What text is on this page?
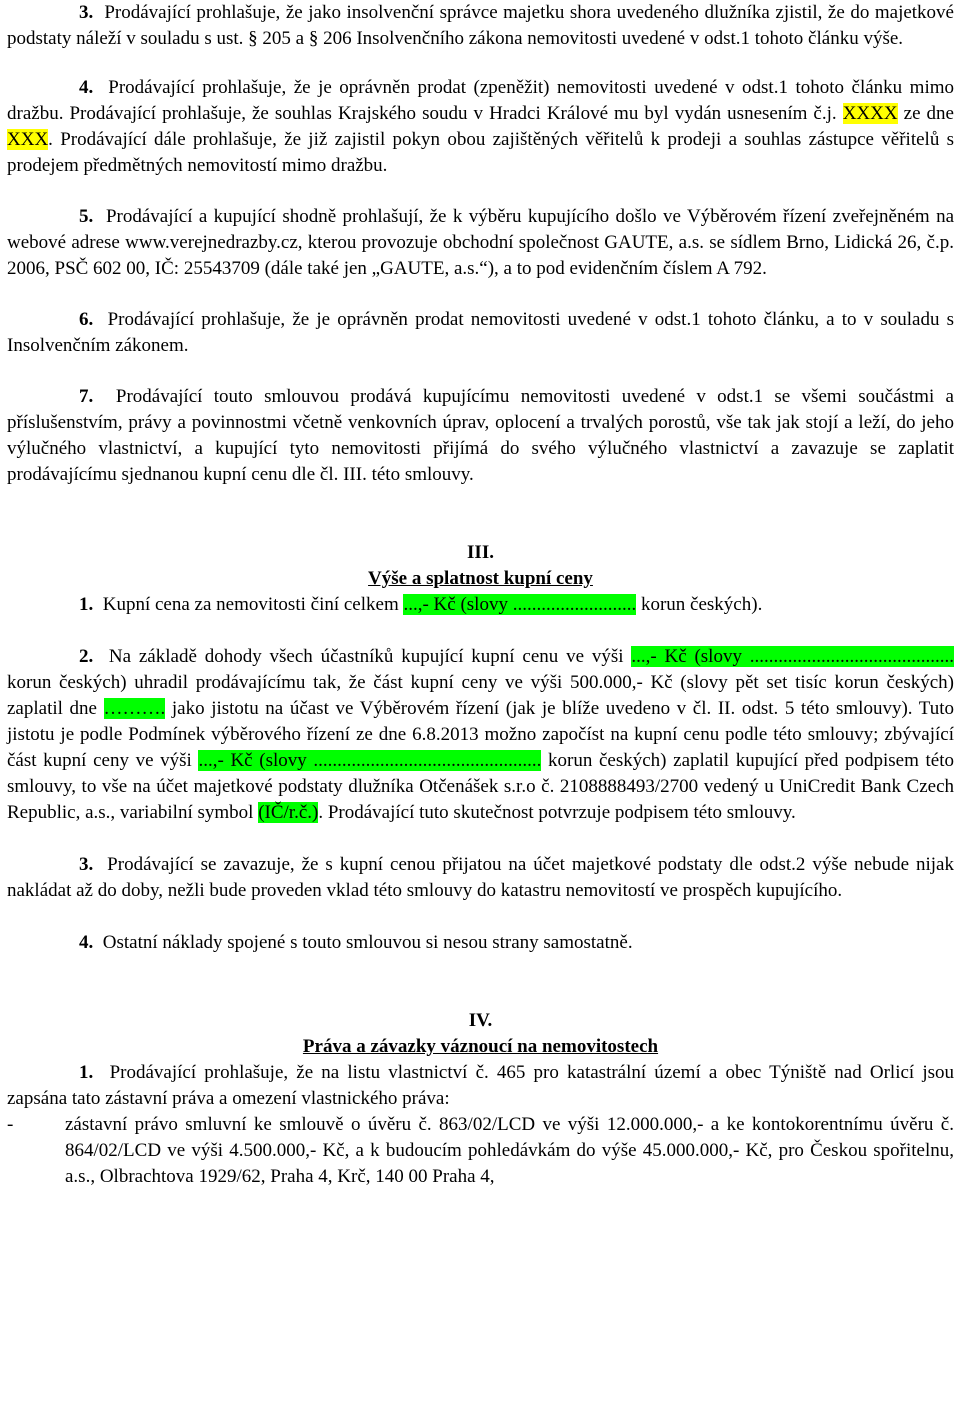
3. Prodávající prohlašuje, že jako insolvenční správce majetku shora uvedeného dlužníka zjistil, že do majetkové podstaty náleží v souladu s ust. § 205 a § 206 Insolvenčního zákona nemovitosti uvedené v odst.1 tohoto článku výše.

4. Prodávající prohlašuje, že je oprávněn prodat (zpeněžit) nemovitosti uvedené v odst.1 tohoto článku mimo dražbu. Prodávající prohlašuje, že souhlas Krajského soudu v Hradci Králové mu byl vydán usnesením č.j. XXXX ze dne XXX. Prodávající dále prohlašuje, že již zajistil pokyn obou zajištěných věřitelů k prodeji a souhlas zástupce věřitelů s prodejem předmětných nemovitostí mimo dražbu.

5. Prodávající a kupující shodně prohlašují, že k výběru kupujícího došlo ve Výběrovém řízení zveřejněném na webové adrese www.verejnedrazby.cz, kterou provozuje obchodní společnost GAUTE, a.s. se sídlem Brno, Lidická 26, č.p. 2006, PSČ 602 00, IČ: 25543709 (dále také jen „GAUTE, a.s.“), a to pod evidenčním číslem A 792.

6. Prodávající prohlašuje, že je oprávněn prodat nemovitosti uvedené v odst.1 tohoto článku, a to v souladu s Insolvenčním zákonem.

7. Prodávající touto smlouvou prodává kupujícímu nemovitosti uvedené v odst.1 se všemi součástmi a příslušenstvím, právy a povinnostmi včetně venkovních úprav, oplocení a trvalých porostů, vše tak jak stojí a leží, do jeho výlučného vlastnictví, a kupující tyto nemovitosti přijímá do svého výlučného vlastnictví a zavazuje se zaplatit prodávajícímu sjednanou kupní cenu dle čl. III. této smlouvy.

III.

Výše a splatnost kupní ceny

1. Kupní cena za nemovitosti činí celkem ...,- Kč (slovy .......................... korun českých).

2. Na základě dohody všech účastníků kupující kupní cenu ve výši ...,- Kč (slovy ........................................... korun českých) uhradil prodávajícímu tak, že část kupní ceny ve výši 500.000,- Kč (slovy pět set tisíc korun českých) zaplatil dne ………. jako jistotu na účast ve Výběrovém řízení (jak je blíže uvedeno v čl. II. odst. 5 této smlouvy). Tuto jistotu je podle Podmínek výběrového řízení ze dne 6.8.2013 možno započíst na kupní cenu podle této smlouvy; zbývající část kupní ceny ve výši ...,- Kč (slovy ................................................ korun českých) zaplatil kupující před podpisem této smlouvy, to vše na účet majetkové podstaty dlužníka Otčenášek s.r.o č. 2108888493/2700 vedený u UniCredit Bank Czech Republic, a.s., variabilní symbol (IČ/r.č.). Prodávající tuto skutečnost potvrzuje podpisem této smlouvy.

3. Prodávající se zavazuje, že s kupní cenou přijatou na účet majetkové podstaty dle odst.2 výše nebude nijak nakládat až do doby, nežli bude proveden vklad této smlouvy do katastru nemovitostí ve prospěch kupujícího.

4. Ostatní náklady spojené s touto smlouvou si nesou strany samostatně.

IV.

Práva a závazky váznoucí na nemovitostech

1. Prodávající prohlašuje, že na listu vlastnictví č. 465 pro katastrální území a obec Týniště nad Orlicí jsou zapsána tato zástavní práva a omezení vlastnického práva:

-	zástavní právo smluvní ke smlouvě o úvěru č. 863/02/LCD ve výši 12.000.000,- a ke kontokorentnímu úvěru č. 864/02/LCD ve výši 4.500.000,- Kč, a k budoucím pohledávkám do výše 45.000.000,- Kč, pro Českou spořitelnu, a.s., Olbrachtova 1929/62, Praha 4, Krč, 140 00 Praha 4,
